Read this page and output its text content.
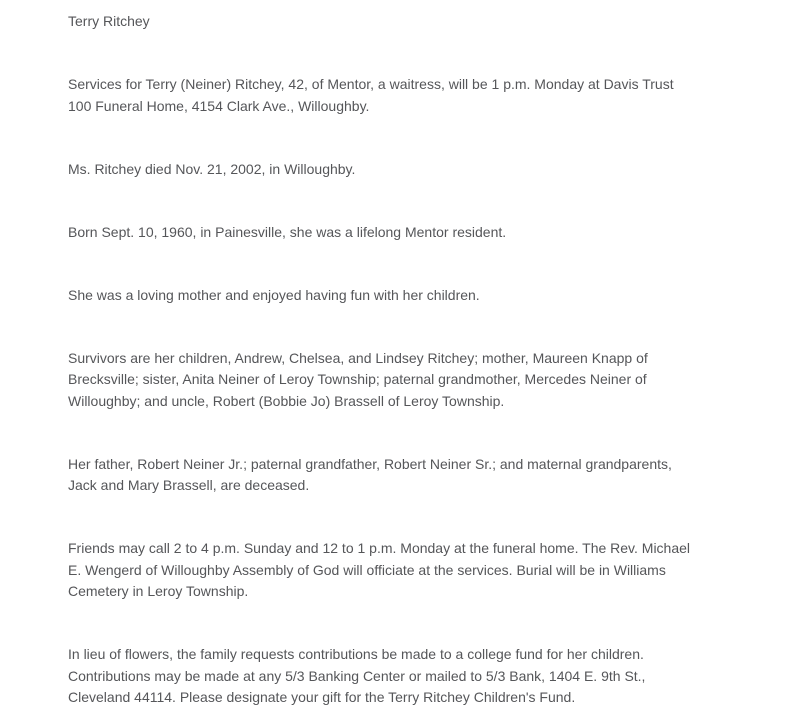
Terry Ritchey

Services for Terry (Neiner) Ritchey, 42, of Mentor, a waitress, will be 1 p.m. Monday at Davis Trust 100 Funeral Home, 4154 Clark Ave., Willoughby.

Ms. Ritchey died Nov. 21, 2002, in Willoughby.

Born Sept. 10, 1960, in Painesville, she was a lifelong Mentor resident.

She was a loving mother and enjoyed having fun with her children.

Survivors are her children, Andrew, Chelsea, and Lindsey Ritchey; mother, Maureen Knapp of Brecksville; sister, Anita Neiner of Leroy Township; paternal grandmother, Mercedes Neiner of Willoughby; and uncle, Robert (Bobbie Jo) Brassell of Leroy Township.

Her father, Robert Neiner Jr.; paternal grandfather, Robert Neiner Sr.; and maternal grandparents, Jack and Mary Brassell, are deceased.

Friends may call 2 to 4 p.m. Sunday and 12 to 1 p.m. Monday at the funeral home. The Rev. Michael E. Wengerd of Willoughby Assembly of God will officiate at the services. Burial will be in Williams Cemetery in Leroy Township.

In lieu of flowers, the family requests contributions be made to a college fund for her children. Contributions may be made at any 5/3 Banking Center or mailed to 5/3 Bank, 1404 E. 9th St., Cleveland 44114. Please designate your gift for the Terry Ritchey Children's Fund.
